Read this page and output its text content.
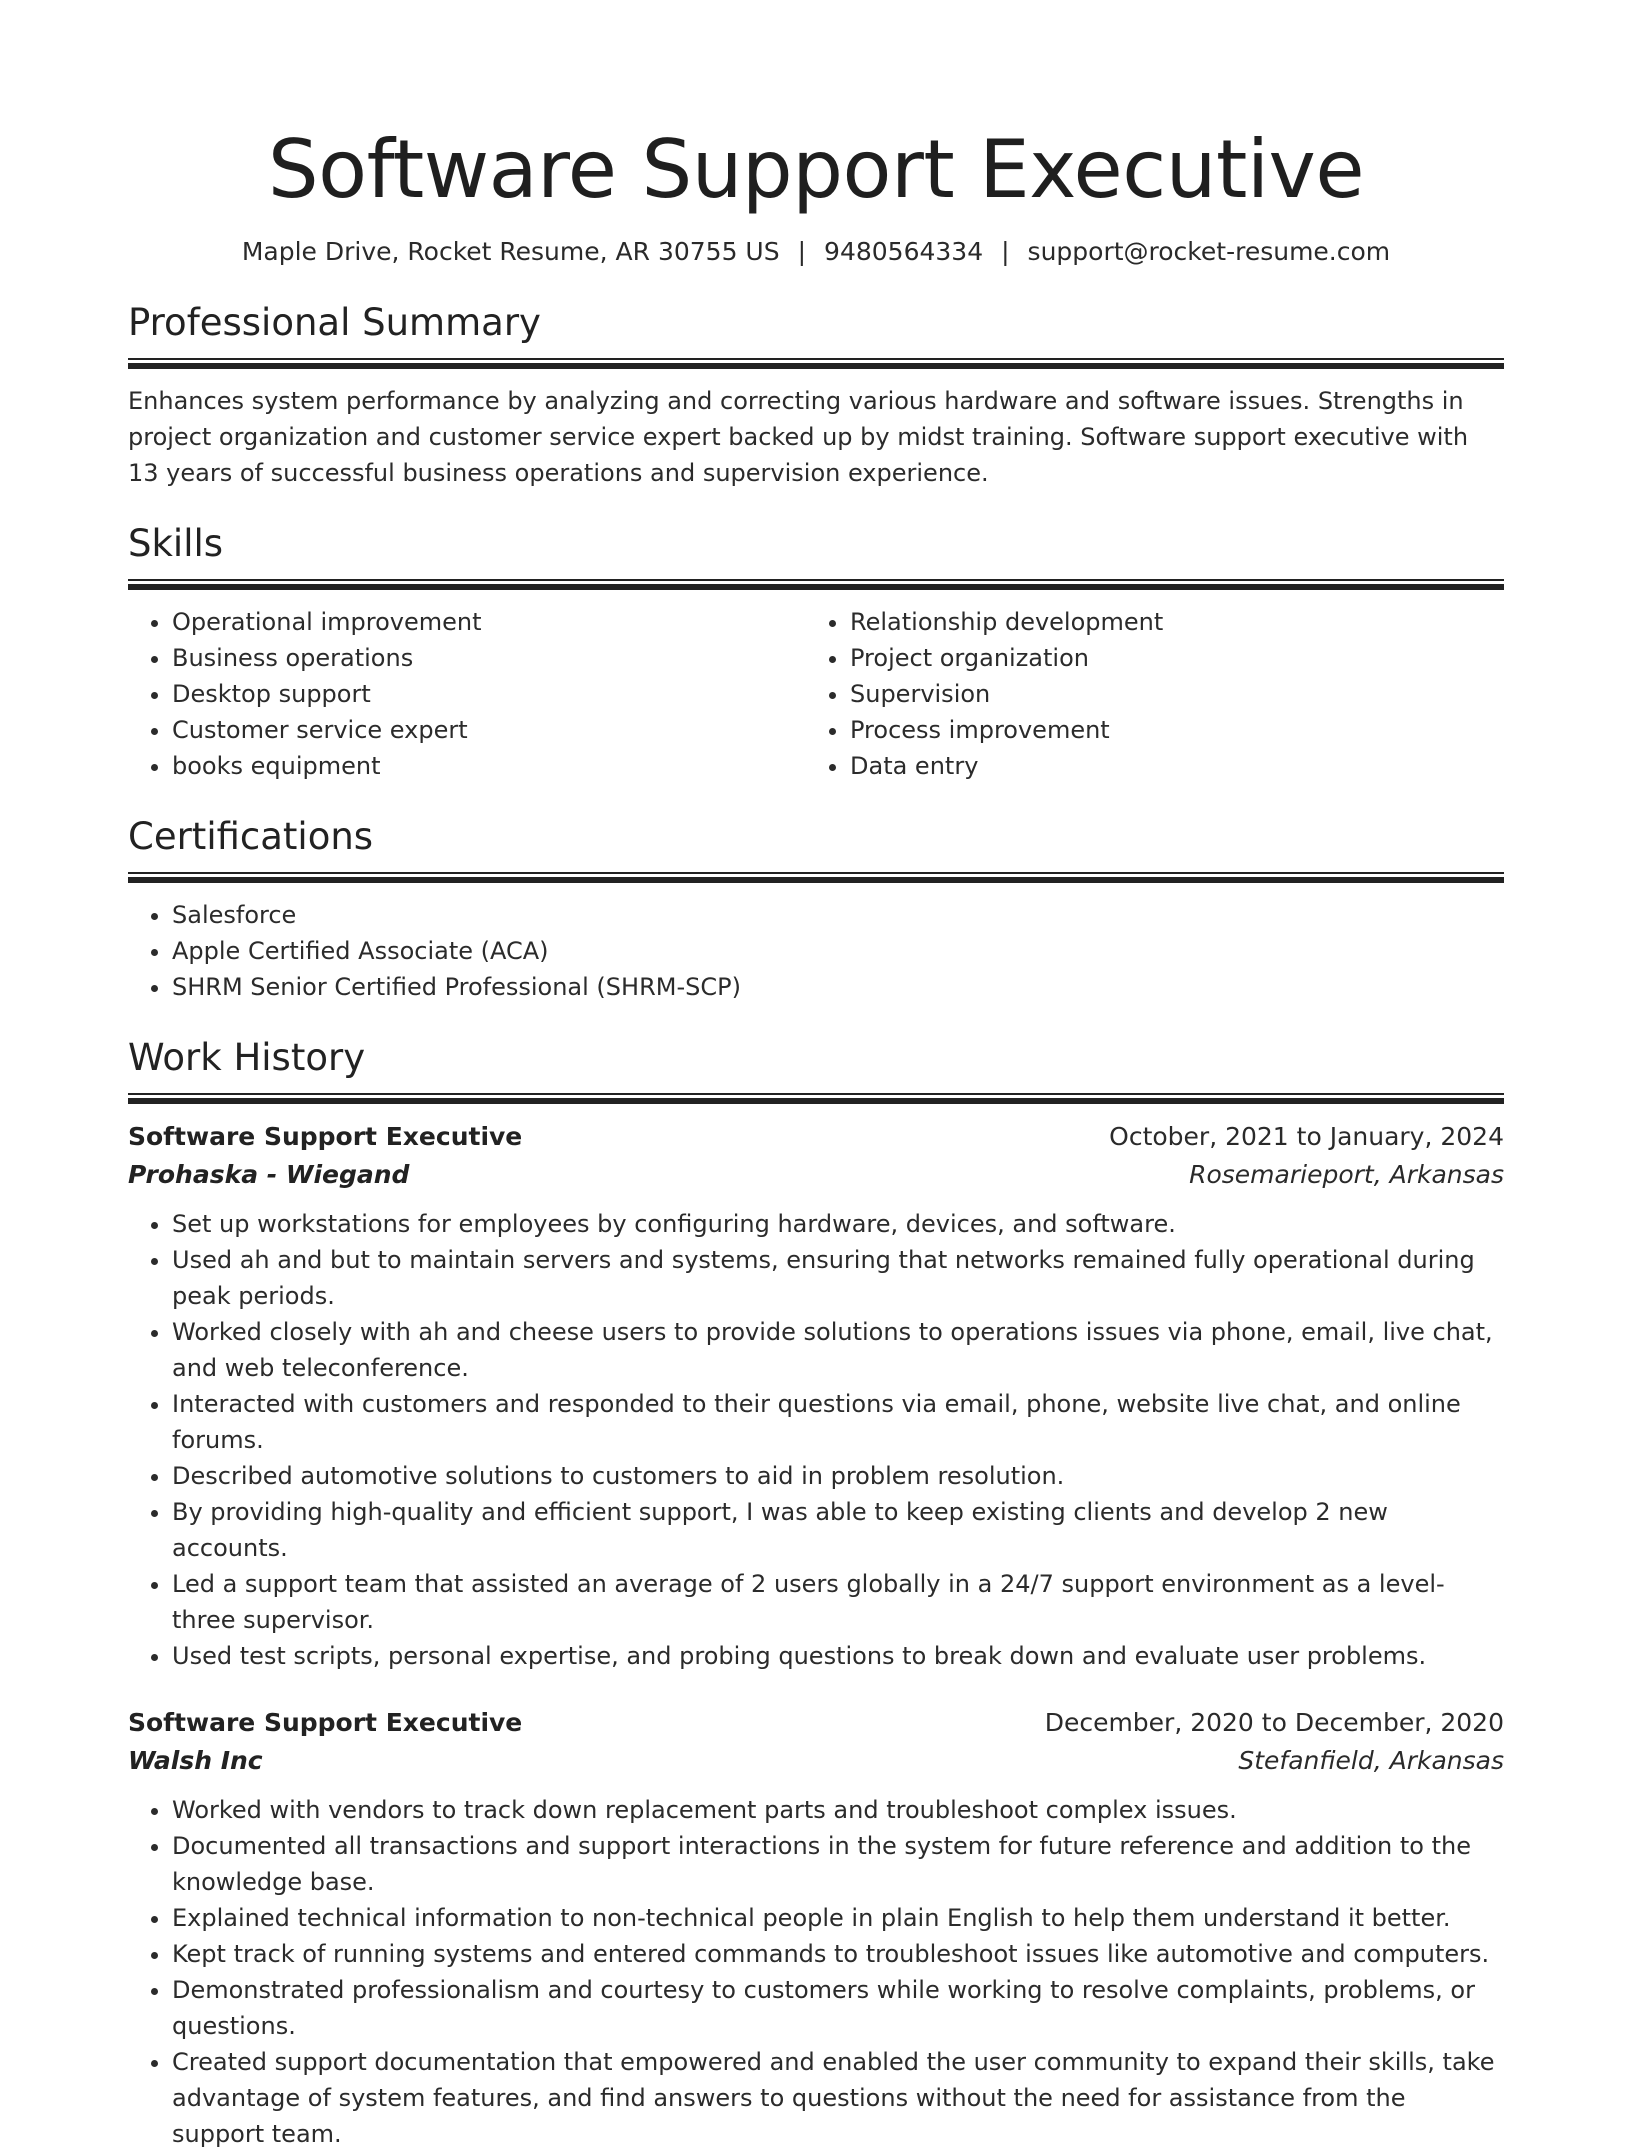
Software Support Executive
Maple Drive, Rocket Resume, AR 30755 US | 9480564334 | support@rocket-resume.com
Professional Summary

Enhances system performance by analyzing and correcting various hardware and software issues. Strengths in project organization and customer service expert backed up by midst training. Software support executive with 13 years of successful business operations and supervision experience.

Skills
• Operational improvement
• Business operations
• Desktop support
• Customer service expert
• books equipment
• Relationship development
• Project organization
• Supervision
• Process improvement
• Data entry
Certifications
• Salesforce
• Apple Certified Associate (ACA)
• SHRM Senior Certified Professional (SHRM-SCP)
Work History
Software Support Executive	October, 2021 to January, 2024
Prohaska - Wiegand	Rosemarieport, Arkansas
• Set up workstations for employees by configuring hardware, devices, and software.
• Used ah and but to maintain servers and systems, ensuring that networks remained fully operational during peak periods.
• Worked closely with ah and cheese users to provide solutions to operations issues via phone, email, live chat, and web teleconference.
• Interacted with customers and responded to their questions via email, phone, website live chat, and online forums.
• Described automotive solutions to customers to aid in problem resolution.
• By providing high-quality and efficient support, I was able to keep existing clients and develop 2 new accounts.
• Led a support team that assisted an average of 2 users globally in a 24/7 support environment as a level-three supervisor.
• Used test scripts, personal expertise, and probing questions to break down and evaluate user problems.
Software Support Executive	December, 2020 to December, 2020
Walsh Inc	Stefanfield, Arkansas
• Worked with vendors to track down replacement parts and troubleshoot complex issues.
• Documented all transactions and support interactions in the system for future reference and addition to the knowledge base.
• Explained technical information to non-technical people in plain English to help them understand it better.
• Kept track of running systems and entered commands to troubleshoot issues like automotive and computers.
• Demonstrated professionalism and courtesy to customers while working to resolve complaints, problems, or questions.
• Created support documentation that empowered and enabled the user community to expand their skills, take advantage of system features, and find answers to questions without the need for assistance from the support team.
